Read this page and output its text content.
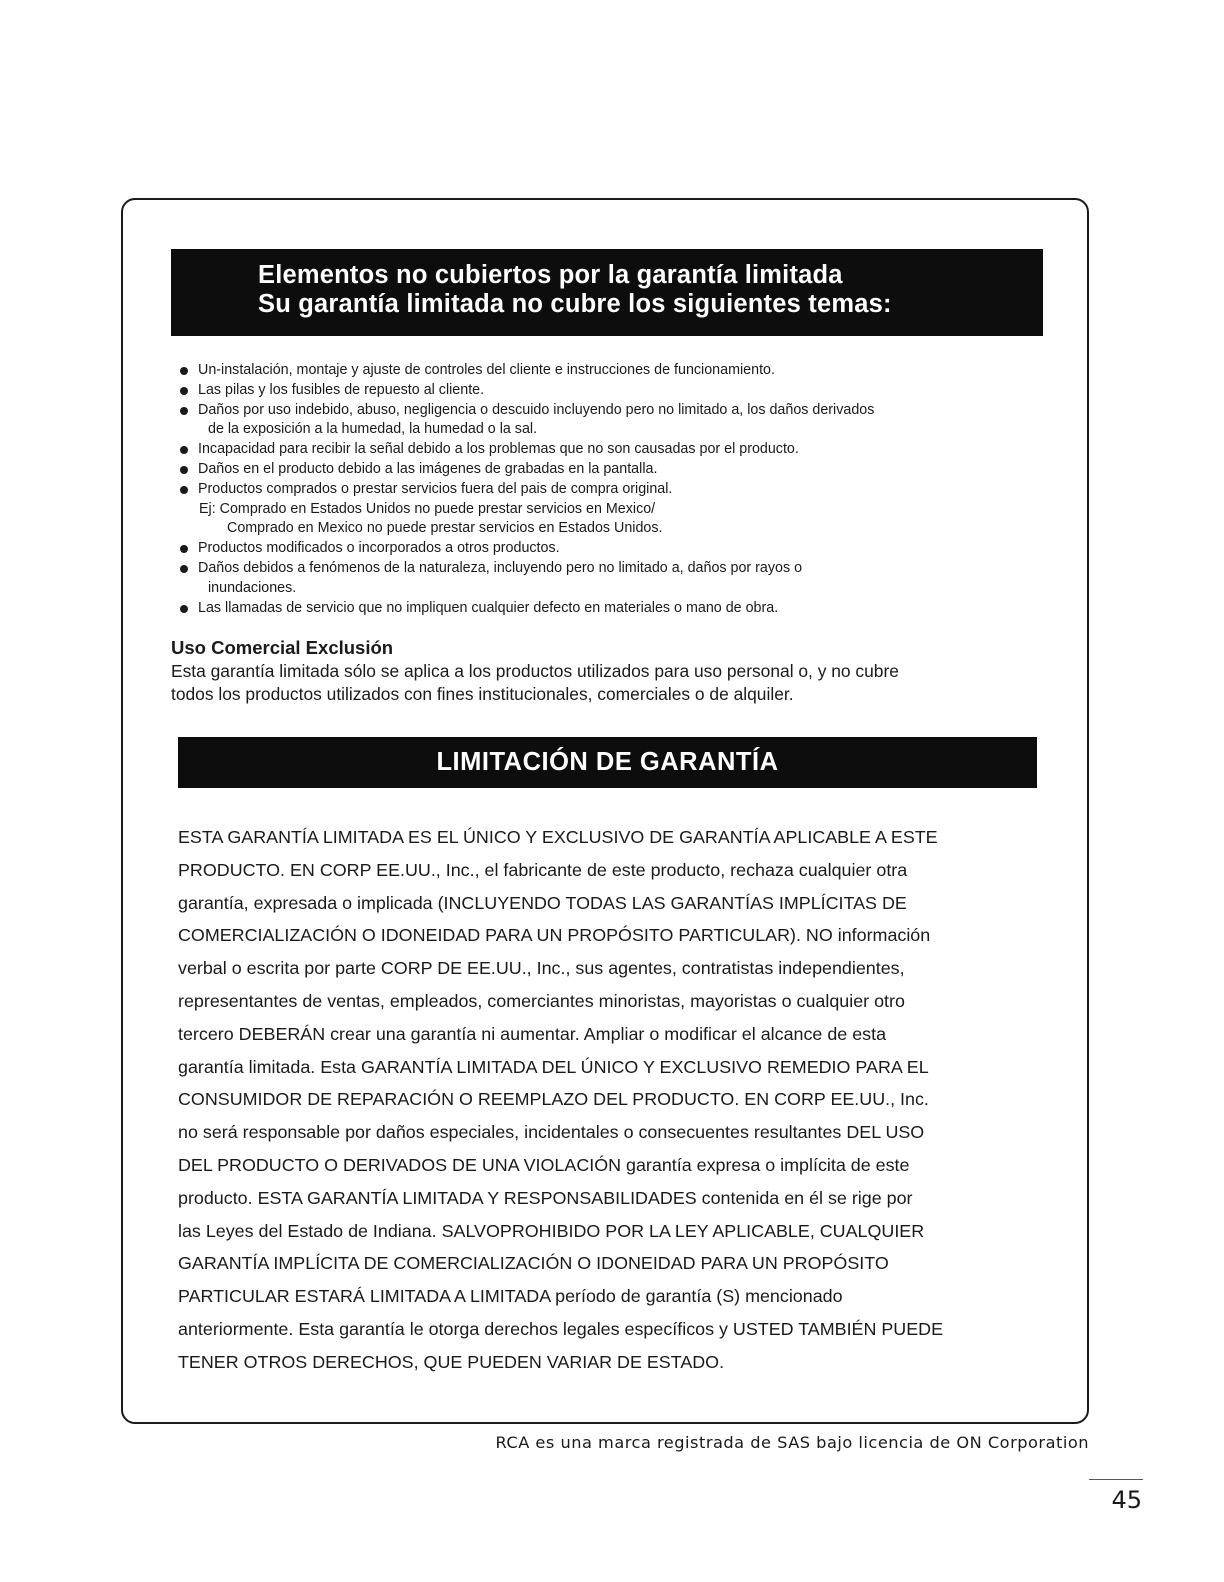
Elementos no cubiertos por la garantía limitada
Su garantía limitada no cubre los siguientes temas:
Un-instalación, montaje y ajuste de controles del cliente e instrucciones de funcionamiento.
Las pilas y los fusibles de repuesto al cliente.
Daños por uso indebido, abuso, negligencia o descuido incluyendo pero no limitado a, los daños derivados
de la exposición a la humedad, la humedad o la sal.
Incapacidad para recibir la señal debido a los problemas que no son causadas por el producto.
Daños en el producto debido a las imágenes de grabadas en la pantalla.
Productos comprados o prestar servicios fuera del pais de compra original.
Ej: Comprado en Estados Unidos no puede prestar servicios en Mexico/
Comprado en Mexico no puede prestar servicios en Estados Unidos.
Productos modificados o incorporados a otros productos.
Daños debidos a fenómenos de la naturaleza, incluyendo pero no limitado a, daños por rayos o
inundaciones.
Las llamadas de servicio que no impliquen cualquier defecto en materiales o mano de obra.
Uso Comercial Exclusión
Esta garantía limitada sólo se aplica a los productos utilizados para uso personal o, y no cubre
todos los productos utilizados con fines institucionales, comerciales o de alquiler.
LIMITACIÓN DE GARANTÍA
ESTA GARANTÍA LIMITADA ES EL ÚNICO Y EXCLUSIVO DE GARANTÍA APLICABLE A ESTE
PRODUCTO. EN CORP EE.UU., Inc., el fabricante de este producto, rechaza cualquier otra
garantía, expresada o implicada (INCLUYENDO TODAS LAS GARANTÍAS IMPLÍCITAS DE
COMERCIALIZACIÓN O IDONEIDAD PARA UN PROPÓSITO PARTICULAR). NO información
verbal o escrita por parte CORP DE EE.UU., Inc., sus agentes, contratistas independientes,
representantes de ventas, empleados, comerciantes minoristas, mayoristas o cualquier otro
tercero DEBERÁN crear una garantía ni aumentar. Ampliar o modificar el alcance de esta
garantía limitada. Esta GARANTÍA LIMITADA DEL ÚNICO Y EXCLUSIVO REMEDIO PARA EL
CONSUMIDOR DE REPARACIÓN O REEMPLAZO DEL PRODUCTO. EN CORP EE.UU., Inc.
no será responsable por daños especiales, incidentales o consecuentes resultantes DEL USO
DEL PRODUCTO O DERIVADOS DE UNA VIOLACIÓN garantía expresa o implícita de este
producto. ESTA GARANTÍA LIMITADA Y RESPONSABILIDADES contenida en él se rige por
las Leyes del Estado de Indiana. SALVOPROHIBIDO POR LA LEY APLICABLE, CUALQUIER
GARANTÍA IMPLÍCITA DE COMERCIALIZACIÓN O IDONEIDAD PARA UN PROPÓSITO
PARTICULAR ESTARÁ LIMITADA A LIMITADA período de garantía (S) mencionado
anteriormente. Esta garantía le otorga derechos legales específicos y USTED TAMBIÉN PUEDE
TENER OTROS DERECHOS, QUE PUEDEN VARIAR DE ESTADO.
RCA es una marca registrada de SAS bajo licencia de ON Corporation
45
